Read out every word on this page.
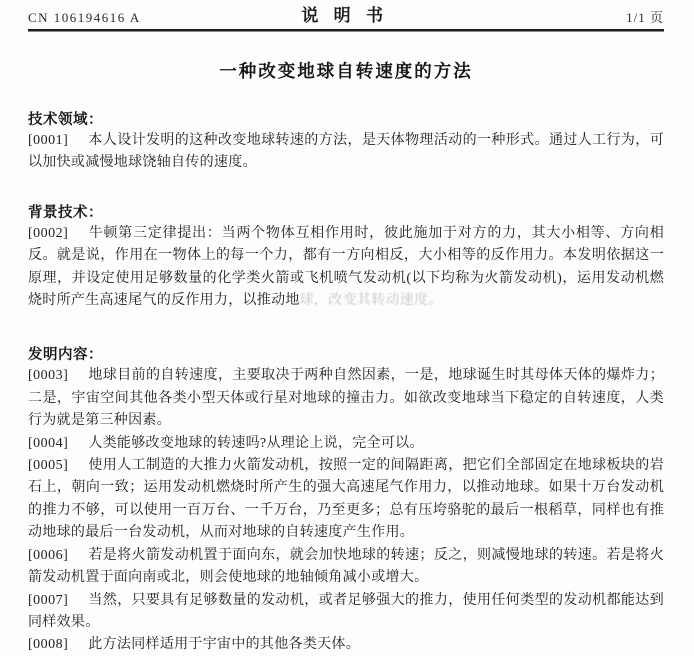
CN 106194616 A	说明书	1/1 页
一种改变地球自转速度的方法
技术领域：

[0001] 本人设计发明的这种改变地球转速的方法，是天体物理活动的一种形式。通过人工行为，可以加快或减慢地球饶轴自传的速度。

背景技术：

[0002] 牛顿第三定律提出：当两个物体互相作用时，彼此施加于对方的力，其大小相等、方向相反。就是说，作用在一物体上的每一个力，都有一方向相反，大小相等的反作用力。本发明依据这一原理，并设定使用足够数量的化学类火箭或飞机喷气发动机(以下均称为火箭发动机)，运用发动机燃烧时所产生高速尾气的反作用力，以推动地球，改变其转动速度。

发明内容：

[0003] 地球目前的自转速度，主要取决于两种自然因素，一是，地球诞生时其母体天体的爆炸力；二是，宇宙空间其他各类小型天体或行星对地球的撞击力。如欲改变地球当下稳定的自转速度，人类行为就是第三种因素。

[0004] 人类能够改变地球的转速吗?从理论上说，完全可以。

[0005] 使用人工制造的大推力火箭发动机，按照一定的间隔距离，把它们全部固定在地球板块的岩石上，朝向一致；运用发动机燃烧时所产生的强大高速尾气作用力，以推动地球。如果十万台发动机的推力不够，可以使用一百万台、一千万台，乃至更多；总有压垮骆驼的最后一根稻草，同样也有推动地球的最后一台发动机，从而对地球的自转速度产生作用。

[0006] 若是将火箭发动机置于面向东，就会加快地球的转速；反之，则减慢地球的转速。若是将火箭发动机置于面向南或北，则会使地球的地轴倾角减小或增大。

[0007] 当然，只要具有足够数量的发动机，或者足够强大的推力，使用任何类型的发动机都能达到同样效果。

[0008] 此方法同样适用于宇宙中的其他各类天体。
